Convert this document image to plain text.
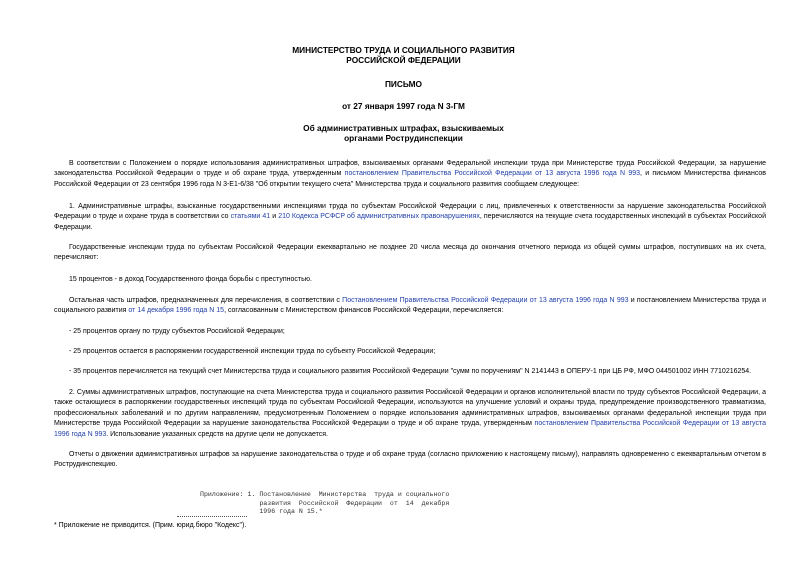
МИНИСТЕРСТВО ТРУДА И СОЦИАЛЬНОГО РАЗВИТИЯ
РОССИЙСКОЙ ФЕДЕРАЦИИ
ПИСЬМО
от 27 января 1997 года N 3-ГМ
Об административных штрафах, взыскиваемых
органами Рострудинспекции

В соответствии с Положением о порядке использования административных штрафов, взыскиваемых органами Федеральной инспекции труда при Министерстве труда Российской Федерации, за нарушение законодательства Российской Федерации о труде и об охране труда, утвержденным постановлением Правительства Российской Федерации от 13 августа 1996 года N 993, и письмом Министерства финансов Российской Федерации от 23 сентября 1996 года N 3-Е1-6/38 "Об открытии текущего счета" Министерства труда и социального развития сообщаем следующее:

1. Административные штрафы, взысканные государственными инспекциями труда по субъектам Российской Федерации с лиц, привлеченных к ответственности за нарушение законодательства Российской Федерации о труде и охране труда в соответствии со статьями 41 и 210 Кодекса РСФСР об административных правонарушениях, перечисляются на текущие счета государственных инспекций в субъектах Российской Федерации.

Государственные инспекции труда по субъектам Российской Федерации ежеквартально не позднее 20 числа месяца до окончания отчетного периода из общей суммы штрафов, поступивших на их счета, перечисляют:

15 процентов - в доход Государственного фонда борьбы с преступностью.

Остальная часть штрафов, предназначенных для перечисления, в соответствии с Постановлением Правительства Российской Федерации от 13 августа 1996 года N 993 и постановлением Министерства труда и социального развития от 14 декабря 1996 года N 15, согласованным с Министерством финансов Российской Федерации, перечисляется:

- 25 процентов органу по труду субъектов Российской Федерации;

- 25 процентов остается в распоряжении государственной инспекции труда по субъекту Российской Федерации;

- 35 процентов перечисляется на текущий счет Министерства труда и социального развития Российской Федерации "сумм по поручениям" N 2141443 в ОПЕРУ-1 при ЦБ РФ, МФО 044501002 ИНН 7710216254.

2. Суммы административных штрафов, поступающие на счета Министерства труда и социального развития Российской Федерации и органов исполнительной власти по труду субъектов Российской Федерации, а также остающиеся в распоряжении государственных инспекций труда по субъектам Российской Федерации, используются на улучшение условий и охраны труда, предупреждение производственного травматизма, профессиональных заболеваний и по другим направлениям, предусмотренным Положением о порядке использования административных штрафов, взыскиваемых органами федеральной инспекции труда при Министерстве труда Российской Федерации за нарушение законодательства Российской Федерации о труде и об охране труда, утвержденным постановлением Правительства Российской Федерации от 13 августа 1996 года N 993. Использование указанных средств на другие цели не допускается.

Отчеты о движении административных штрафов за нарушение законодательства о труде и об охране труда (согласно приложению к настоящему письму), направлять одновременно с ежеквартальным отчетом в Рострудинспекцию.

Приложение: 1. Постановление  Министерства  труда и социального
развития  Российской  Федерации  от  14  декабря
1996 года N 15.*
* Приложение не приводится. (Прим. юрид.бюро "Кодекс").
